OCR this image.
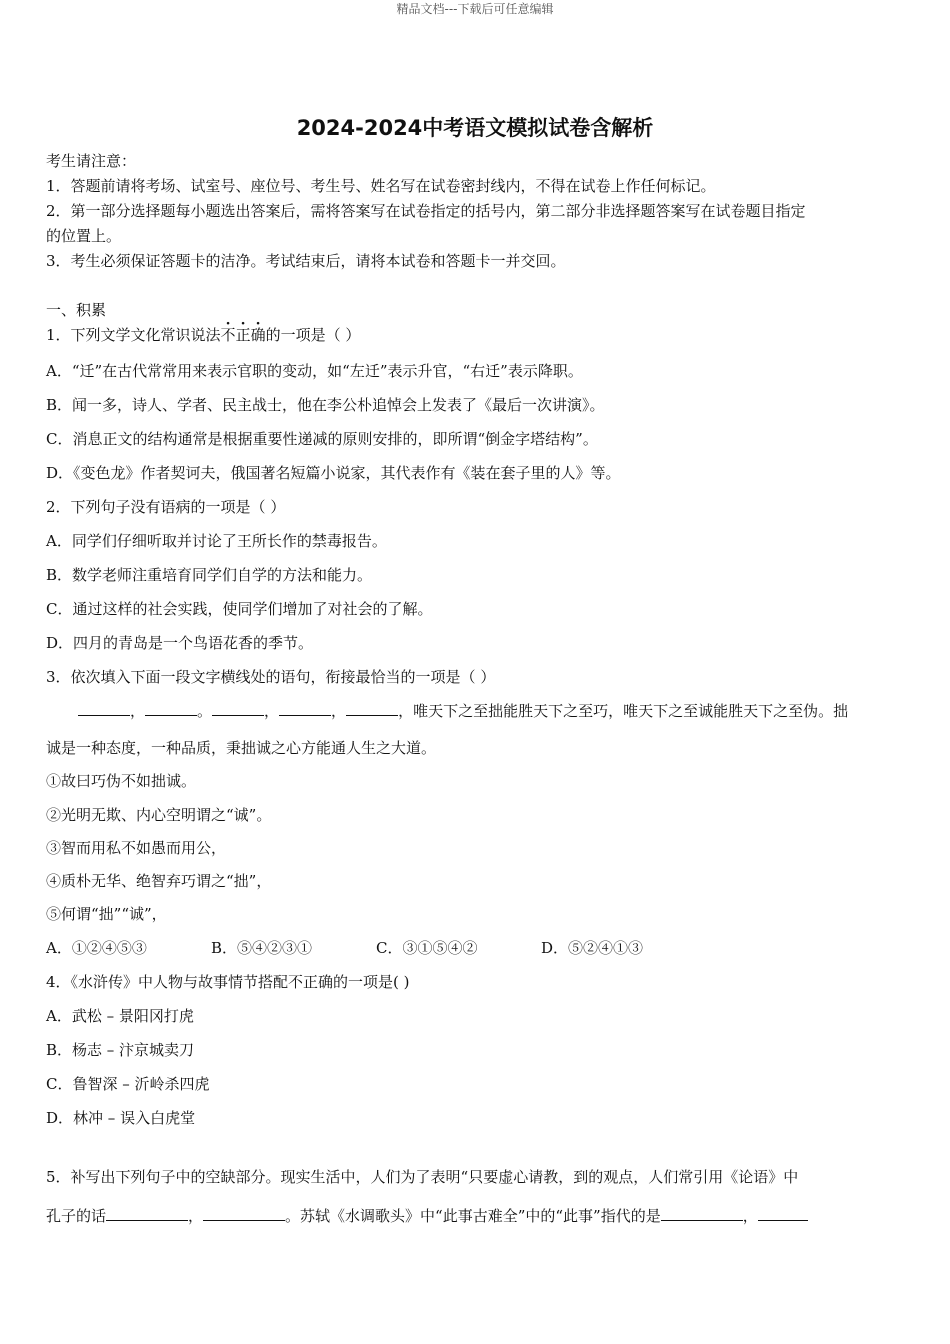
精品文档---下载后可任意编辑
2024-2024中考语文模拟试卷含解析
考生请注意：
1．答题前请将考场、试室号、座位号、考生号、姓名写在试卷密封线内，不得在试卷上作任何标记。
2．第一部分选择题每小题选出答案后，需将答案写在试卷指定的括号内，第二部分非选择题答案写在试卷题目指定
的位置上。
3．考生必须保证答题卡的洁净。考试结束后，请将本试卷和答题卡一并交回。
一、积累
1．下列文学文化常识说法不正确的一项是（ ）
A．“迁”在古代常常用来表示官职的变动，如“左迁”表示升官，“右迁”表示降职。
B．闻一多，诗人、学者、民主战士，他在李公朴追悼会上发表了《最后一次讲演》。
C．消息正文的结构通常是根据重要性递减的原则安排的，即所谓“倒金字塔结构”。
D．《变色龙》作者契诃夫，俄国著名短篇小说家，其代表作有《装在套子里的人》等。
2．下列句子没有语病的一项是（ ）
A．同学们仔细听取并讨论了王所长作的禁毒报告。
B．数学老师注重培育同学们自学的方法和能力。
C．通过这样的社会实践，使同学们增加了对社会的了解。
D．四月的青岛是一个鸟语花香的季节。
3．依次填入下面一段文字横线处的语句，衔接最恰当的一项是（ ）
，	。	，	，	，唯天下之至拙能胜天下之至巧，唯天下之至诚能胜天下之至伪。拙
诚是一种态度，一种品质，秉拙诚之心方能通人生之大道。
①故曰巧伪不如拙诚。
②光明无欺、内心空明谓之“诚”。
③智而用私不如愚而用公，
④质朴无华、绝智弃巧谓之“拙”，
⑤何谓“拙”“诚”，
A．①②④⑤③	B．⑤④②③①	C．③①⑤④②	D．⑤②④①③
4．《水浒传》中人物与故事情节搭配不正确的一项是( )
A．武松 – 景阳冈打虎
B．杨志 – 汴京城卖刀
C．鲁智深 – 沂岭杀四虎
D．林冲 – 误入白虎堂
5．补写出下列句子中的空缺部分。现实生活中，人们为了表明“只要虚心请教，到的观点，人们常引用《论语》中
孔子的话	，	。苏轼《水调歌头》中“此事古难全”中的“此事”指代的是	，
